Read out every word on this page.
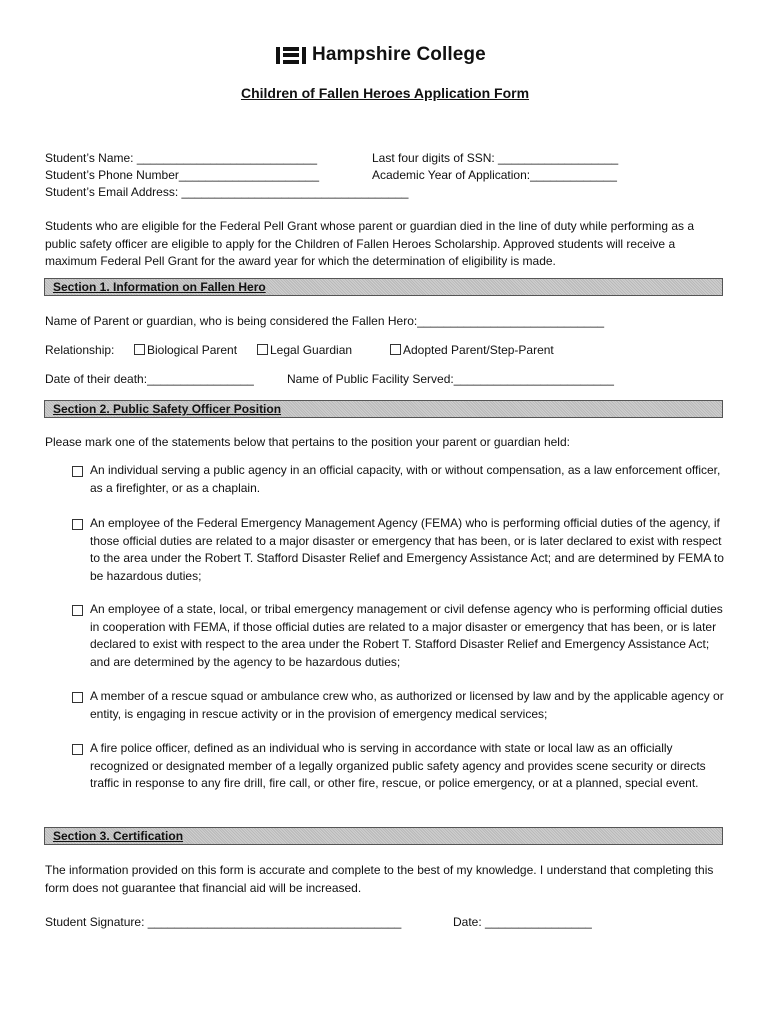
Hampshire College
Children of Fallen Heroes Application Form
Student’s Name: ___________________________
Student’s Phone Number_____________________
Student’s Email Address: __________________________________
Last four digits of SSN: __________________
Academic Year of Application:_____________
Students who are eligible for the Federal Pell Grant whose parent or guardian died in the line of duty while performing as a public safety officer are eligible to apply for the Children of Fallen Heroes Scholarship. Approved students will receive a maximum Federal Pell Grant for the award year for which the determination of eligibility is made.
Section 1. Information on Fallen Hero
Name of Parent or guardian, who is being considered the Fallen Hero:____________________________
Relationship:	Biological Parent	Legal Guardian	Adopted Parent/Step-Parent
Date of their death:________________	Name of Public Facility Served:________________________
Section 2. Public Safety Officer Position
Please mark one of the statements below that pertains to the position your parent or guardian held:
An individual serving a public agency in an official capacity, with or without compensation, as a law enforcement officer, as a firefighter, or as a chaplain.
An employee of the Federal Emergency Management Agency (FEMA) who is performing official duties of the agency, if those official duties are related to a major disaster or emergency that has been, or is later declared to exist with respect to the area under the Robert T. Stafford Disaster Relief and Emergency Assistance Act; and are determined by FEMA to be hazardous duties;
An employee of a state, local, or tribal emergency management or civil defense agency who is performing official duties in cooperation with FEMA, if those official duties are related to a major disaster or emergency that has been, or is later declared to exist with respect to the area under the Robert T. Stafford Disaster Relief and Emergency Assistance Act; and are determined by the agency to be hazardous duties;
A member of a rescue squad or ambulance crew who, as authorized or licensed by law and by the applicable agency or entity, is engaging in rescue activity or in the provision of emergency medical services;
A fire police officer, defined as an individual who is serving in accordance with state or local law as an officially recognized or designated member of a legally organized public safety agency and provides scene security or directs traffic in response to any fire drill, fire call, or other fire, rescue, or police emergency, or at a planned, special event.
Section 3. Certification
The information provided on this form is accurate and complete to the best of my knowledge. I understand that completing this form does not guarantee that financial aid will be increased.
Student Signature: ______________________________________	Date: ________________
